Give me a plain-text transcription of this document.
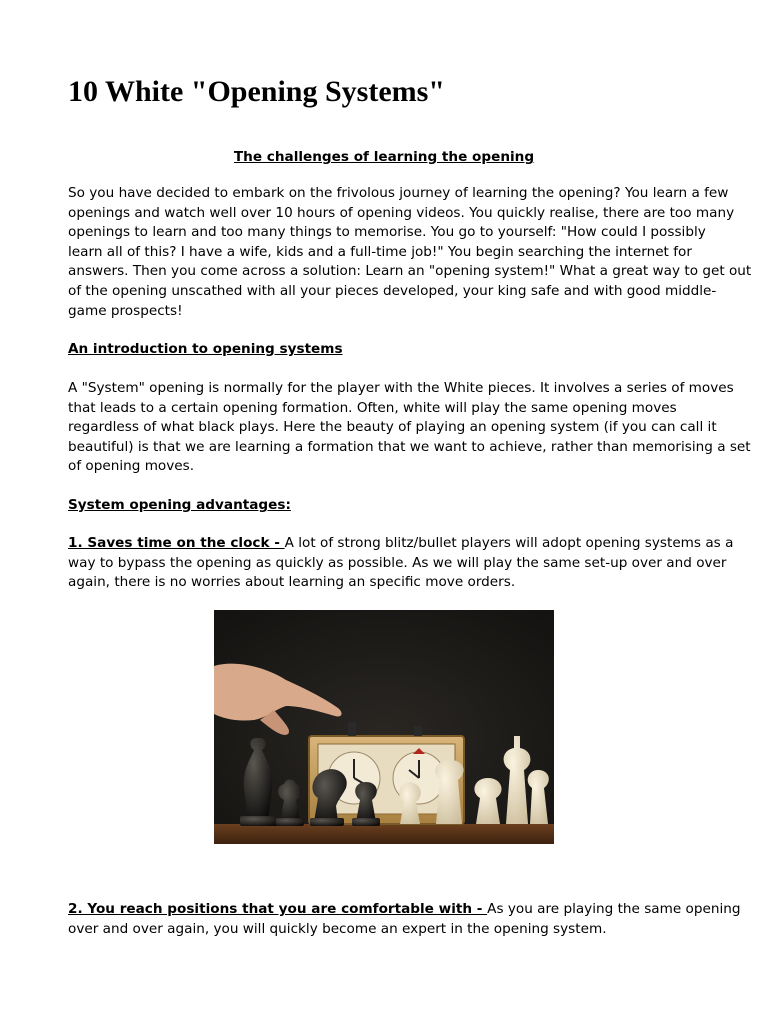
10 White "Opening Systems"

The challenges of learning the opening

So you have decided to embark on the frivolous journey of learning the opening? You learn a few
openings and watch well over 10 hours of opening videos. You quickly realise, there are too many
openings to learn and too many things to memorise. You go to yourself: "How could I possibly
learn all of this? I have a wife, kids and a full-time job!" You begin searching the internet for
answers. Then you come across a solution: Learn an "opening system!" What a great way to get out
of the opening unscathed with all your pieces developed, your king safe and with good middle-
game prospects!
An introduction to opening systems
A "System" opening is normally for the player with the White pieces. It involves a series of moves
that leads to a certain opening formation. Often, white will play the same opening moves
regardless of what black plays. Here the beauty of playing an opening system (if you can call it
beautiful) is that we are learning a formation that we want to achieve, rather than memorising a set
of opening moves.
System opening advantages:
1. Saves time on the clock - A lot of strong blitz/bullet players will adopt opening systems as a
way to bypass the opening as quickly as possible. As we will play the same set-up over and over
again, there is no worries about learning an specific move orders.
2. You reach positions that you are comfortable with - As you are playing the same opening
over and over again, you will quickly become an expert in the opening system.
